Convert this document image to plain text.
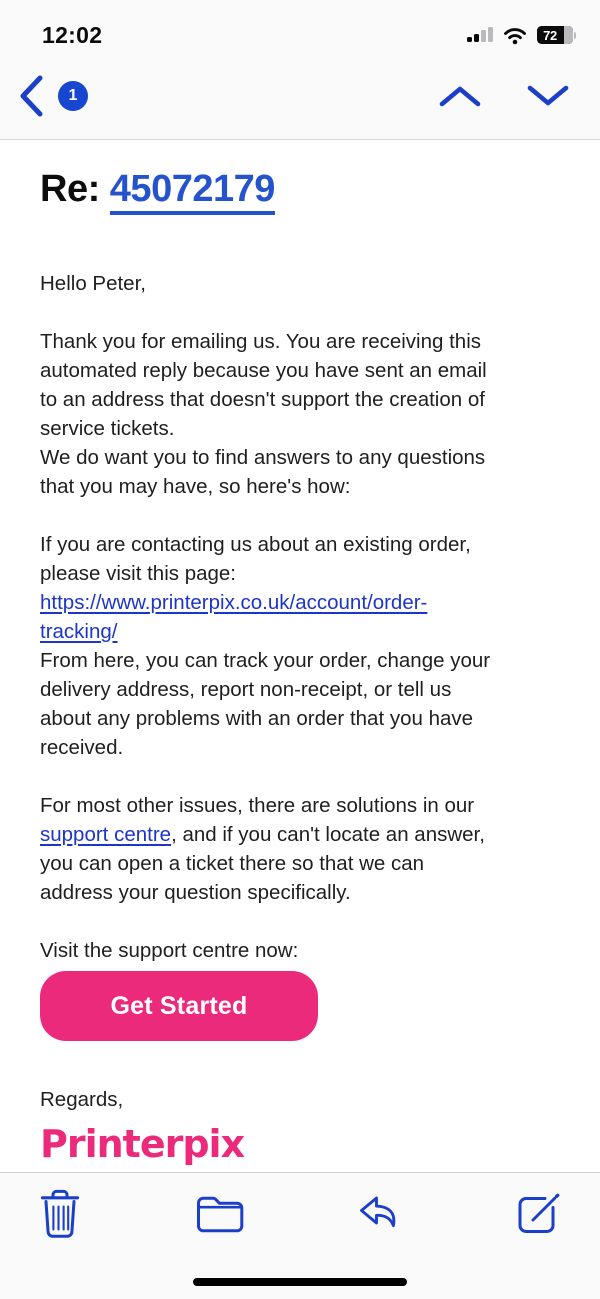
12:02	72
1
Re: 45072179

Hello Peter,

Thank you for emailing us. You are receiving this
automated reply because you have sent an email
to an address that doesn't support the creation of
service tickets.
We do want you to find answers to any questions
that you may have, so here's how:

If you are contacting us about an existing order,
please visit this page:
https://www.printerpix.co.uk/account/order-
tracking/
From here, you can track your order, change your
delivery address, report non-receipt, or tell us
about any problems with an order that you have
received.

For most other issues, there are solutions in our
support centre, and if you can't locate an answer,
you can open a ticket there so that we can
address your question specifically.

Visit the support centre now:

Get Started

Regards,

Printerpix
